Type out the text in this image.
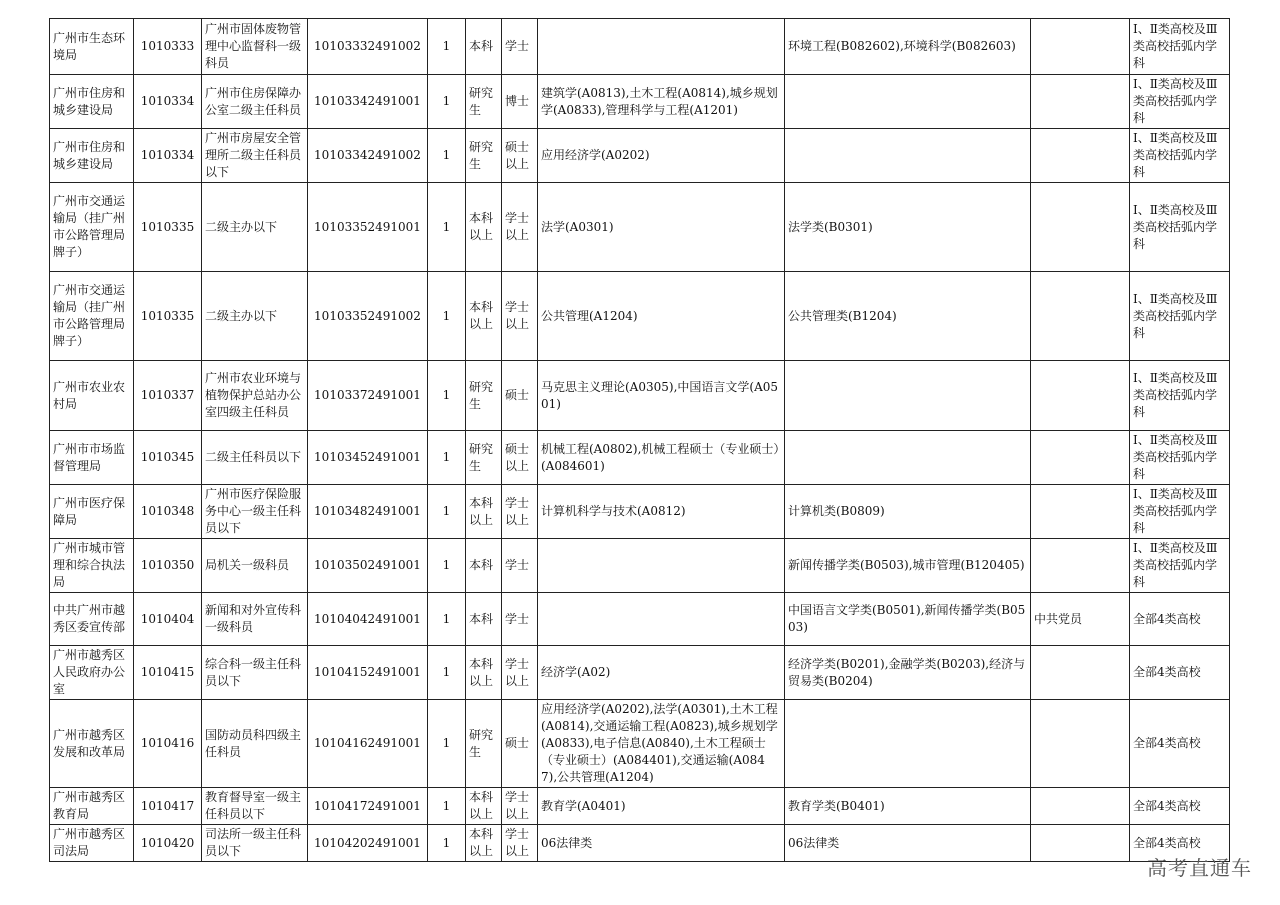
广州市生态环境局	1010333	广州市固体废物管理中心监督科一级科员	10103332491002	1	本科	学士		环境工程(B082602),环境科学(B082603)		Ⅰ、Ⅱ类高校及Ⅲ类高校括弧内学科
广州市住房和城乡建设局	1010334	广州市住房保障办公室二级主任科员	10103342491001	1	研究生	博士	建筑学(A0813),土木工程(A0814),城乡规划学(A0833),管理科学与工程(A1201)			Ⅰ、Ⅱ类高校及Ⅲ类高校括弧内学科
广州市住房和城乡建设局	1010334	广州市房屋安全管理所二级主任科员以下	10103342491002	1	研究生	硕士以上	应用经济学(A0202)			Ⅰ、Ⅱ类高校及Ⅲ类高校括弧内学科
广州市交通运输局（挂广州市公路管理局牌子）	1010335	二级主办以下	10103352491001	1	本科以上	学士以上	法学(A0301)	法学类(B0301)		Ⅰ、Ⅱ类高校及Ⅲ类高校括弧内学科
广州市交通运输局（挂广州市公路管理局牌子）	1010335	二级主办以下	10103352491002	1	本科以上	学士以上	公共管理(A1204)	公共管理类(B1204)		Ⅰ、Ⅱ类高校及Ⅲ类高校括弧内学科
广州市农业农村局	1010337	广州市农业环境与植物保护总站办公室四级主任科员	10103372491001	1	研究生	硕士	马克思主义理论(A0305),中国语言文学(A0501)			Ⅰ、Ⅱ类高校及Ⅲ类高校括弧内学科
广州市市场监督管理局	1010345	二级主任科员以下	10103452491001	1	研究生	硕士以上	机械工程(A0802),机械工程硕士（专业硕士）(A084601)			Ⅰ、Ⅱ类高校及Ⅲ类高校括弧内学科
广州市医疗保障局	1010348	广州市医疗保险服务中心一级主任科员以下	10103482491001	1	本科以上	学士以上	计算机科学与技术(A0812)	计算机类(B0809)		Ⅰ、Ⅱ类高校及Ⅲ类高校括弧内学科
广州市城市管理和综合执法局	1010350	局机关一级科员	10103502491001	1	本科	学士		新闻传播学类(B0503),城市管理(B120405)		Ⅰ、Ⅱ类高校及Ⅲ类高校括弧内学科
中共广州市越秀区委宣传部	1010404	新闻和对外宣传科一级科员	10104042491001	1	本科	学士		中国语言文学类(B0501),新闻传播学类(B0503)	中共党员	全部4类高校
广州市越秀区人民政府办公室	1010415	综合科一级主任科员以下	10104152491001	1	本科以上	学士以上	经济学(A02)	经济学类(B0201),金融学类(B0203),经济与贸易类(B0204)		全部4类高校
广州市越秀区发展和改革局	1010416	国防动员科四级主任科员	10104162491001	1	研究生	硕士	应用经济学(A0202),法学(A0301),土木工程(A0814),交通运输工程(A0823),城乡规划学(A0833),电子信息(A0840),土木工程硕士（专业硕士）(A084401),交通运输(A0847),公共管理(A1204)			全部4类高校
广州市越秀区教育局	1010417	教育督导室一级主任科员以下	10104172491001	1	本科以上	学士以上	教育学(A0401)	教育学类(B0401)		全部4类高校
广州市越秀区司法局	1010420	司法所一级主任科员以下	10104202491001	1	本科以上	学士以上	06法律类	06法律类		全部4类高校
高考直通车
